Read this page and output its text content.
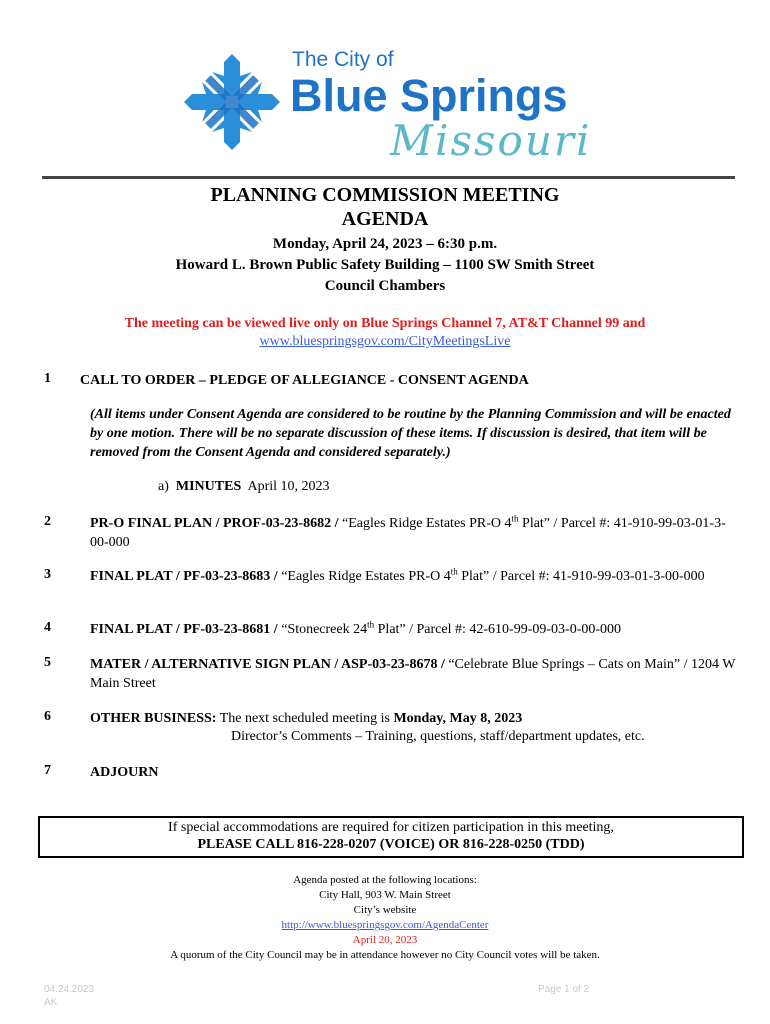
The City of
Blue Springs
Missouri
PLANNING COMMISSION MEETING
AGENDA
Monday, April 24, 2023 – 6:30 p.m.
Howard L. Brown Public Safety Building – 1100 SW Smith Street
Council Chambers
The meeting can be viewed live only on Blue Springs Channel 7, AT&T Channel 99 and
www.bluespringsgov.com/CityMeetingsLive
1 CALL TO ORDER – PLEDGE OF ALLEGIANCE - CONSENT AGENDA
(All items under Consent Agenda are considered to be routine by the Planning Commission and will be enacted by one motion. There will be no separate discussion of these items. If discussion is desired, that item will be removed from the Consent Agenda and considered separately.)
a) MINUTES April 10, 2023
2	PR-O FINAL PLAN / PROF-03-23-8682 / “Eagles Ridge Estates PR-O 4th Plat” / Parcel #: 41-910-99-03-01-3-00-000
3	FINAL PLAT / PF-03-23-8683 / “Eagles Ridge Estates PR-O 4th Plat” / Parcel #: 41-910-99-03-01-3-00-000
4	FINAL PLAT / PF-03-23-8681 / “Stonecreek 24th Plat” / Parcel #: 42-610-99-09-03-0-00-000
5	MATER / ALTERNATIVE SIGN PLAN / ASP-03-23-8678 / “Celebrate Blue Springs – Cats on Main” / 1204 W Main Street
6	OTHER BUSINESS: The next scheduled meeting is Monday, May 8, 2023
Director’s Comments – Training, questions, staff/department updates, etc.
7	ADJOURN
If special accommodations are required for citizen participation in this meeting,
PLEASE CALL 816-228-0207 (VOICE) OR 816-228-0250 (TDD)
Agenda posted at the following locations:
City Hall, 903 W. Main Street
City’s website
http://www.bluespringsgov.com/AgendaCenter
April 20, 2023
A quorum of the City Council may be in attendance however no City Council votes will be taken.
04.24.2023
AK
Page 1 of 2
